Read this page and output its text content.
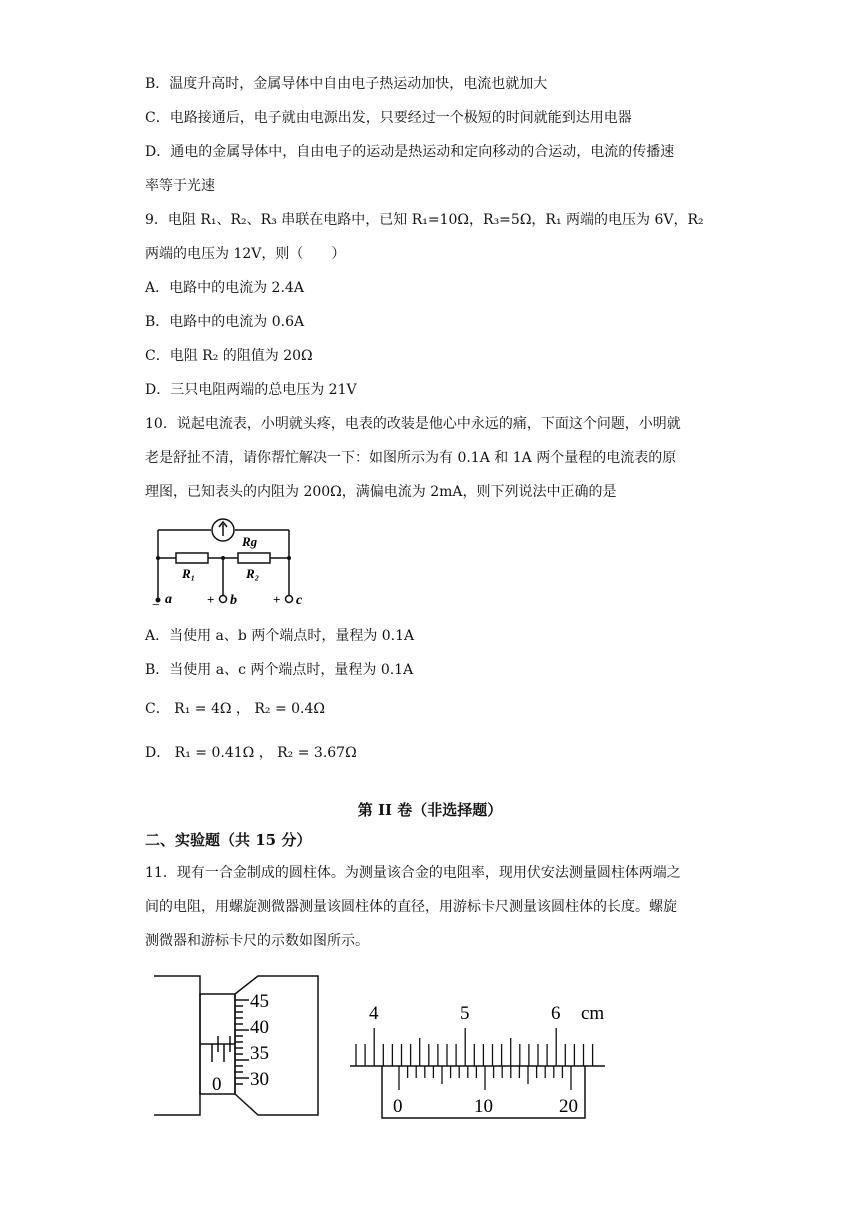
B．温度升高时，金属导体中自由电子热运动加快，电流也就加大
C．电路接通后，电子就由电源出发，只要经过一个极短的时间就能到达用电器
D．通电的金属导体中，自由电子的运动是热运动和定向移动的合运动，电流的传播速
率等于光速
9．电阻 R₁、R₂、R₃ 串联在电路中，已知 R₁=10Ω，R₃=5Ω，R₁ 两端的电压为 6V，R₂
两端的电压为 12V，则（　　）
A．电路中的电流为 2.4A
B．电路中的电流为 0.6A
C．电阻 R₂ 的阻值为 20Ω
D．三只电阻两端的总电压为 21V
10．说起电流表，小明就头疼，电表的改装是他心中永远的痛，下面这个问题，小明就
老是舒扯不清，请你帮忙解决一下：如图所示为有 0.1A 和 1A 两个量程的电流表的原
理图，已知表头的内阻为 200Ω，满偏电流为 2mA，则下列说法中正确的是
Rg
R₁	R₂
− a	+ b	+ c
A．当使用 a、b 两个端点时，量程为 0.1A
B．当使用 a、c 两个端点时，量程为 0.1A
C． R₁ = 4Ω ， R₂ = 0.4Ω
D． R₁ = 0.41Ω ， R₂ = 3.67Ω
第 II 卷（非选择题）
二、实验题（共 15 分）
11．现有一合金制成的圆柱体。为测量该合金的电阻率，现用伏安法测量圆柱体两端之
间的电阻，用螺旋测微器测量该圆柱体的直径，用游标卡尺测量该圆柱体的长度。螺旋
测微器和游标卡尺的示数如图所示。
45
40
35
30
0
4	5	6 cm
0	10	20
